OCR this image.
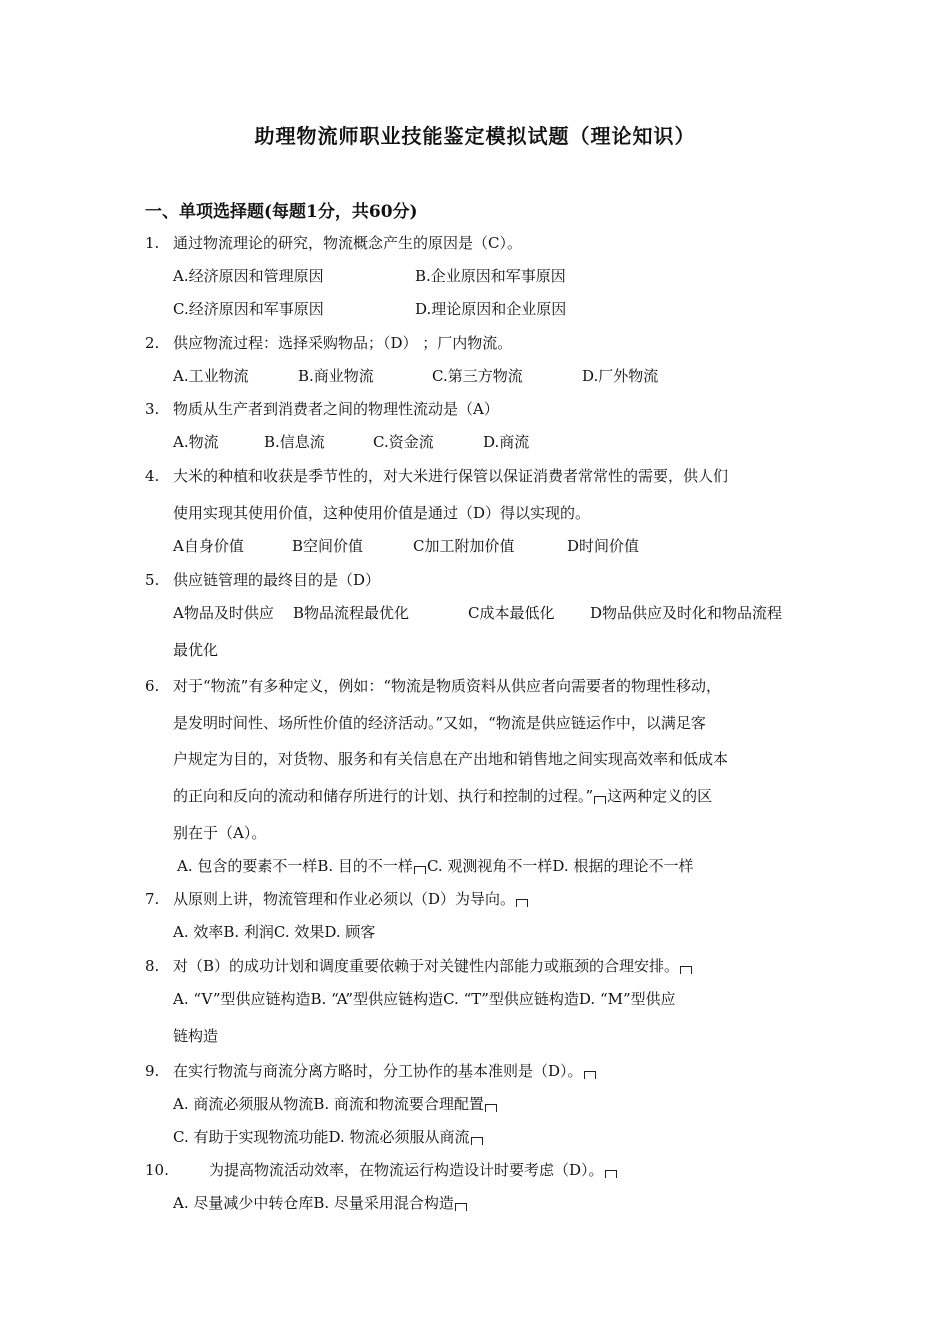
助理物流师职业技能鉴定模拟试题（理论知识）
一、单项选择题(每题1分，共60分)
1. 通过物流理论的研究，物流概念产生的原因是（C）。
A.经济原因和管理原因	B.企业原因和军事原因
C.经济原因和军事原因	D.理论原因和企业原因
2. 供应物流过程：选择采购物品；（D） ；厂内物流。
A.工业物流	B.商业物流	C.第三方物流	D.厂外物流
3. 物质从生产者到消费者之间的物理性流动是（A）
A.物流	B.信息流	C.资金流	D.商流
4. 大米的种植和收获是季节性的，对大米进行保管以保证消费者常常性的需要，供人们
使用实现其使用价值，这种使用价值是通过（D）得以实现的。
A自身价值	B空间价值	C加工附加价值	D时间价值
5. 供应链管理的最终目的是（D）
A物品及时供应 B物品流程最优化	C成本最低化 D物品供应及时化和物品流程
最优化
6. 对于“物流”有多种定义，例如：“物流是物质资料从供应者向需要者的物理性移动，
是发明时间性、场所性价值的经济活动。”又如，“物流是供应链运作中，以满足客
户规定为目的，对货物、服务和有关信息在产出地和销售地之间实现高效率和低成本
的正向和反向的流动和储存所进行的计划、执行和控制的过程。” 这两种定义的区
别在于（A）。
A. 包含的要素不一样B. 目的不一样 C. 观测视角不一样D. 根据的理论不一样
7. 从原则上讲，物流管理和作业必须以（D）为导向。
A. 效率B. 利润C. 效果D. 顾客
8. 对（B）的成功计划和调度重要依赖于对关键性内部能力或瓶颈的合理安排。
A. “V”型供应链构造B. “A”型供应链构造C. “T”型供应链构造D. “M”型供应
链构造
9. 在实行物流与商流分离方略时，分工协作的基本准则是（D）。
A. 商流必须服从物流B. 商流和物流要合理配置
C. 有助于实现物流功能D. 物流必须服从商流
10.	为提高物流活动效率，在物流运行构造设计时要考虑（D）。
A. 尽量减少中转仓库B. 尽量采用混合构造
